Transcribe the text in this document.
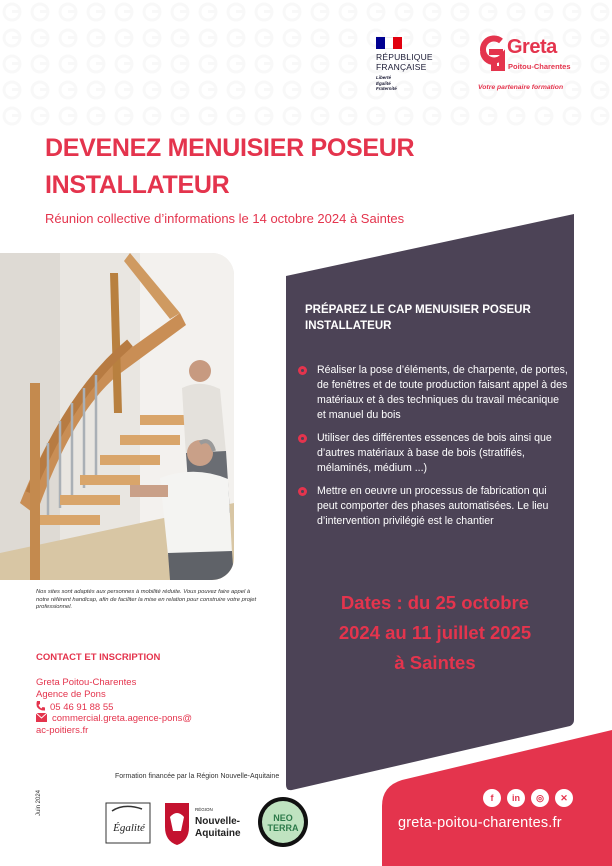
RÉPUBLIQUE
FRANÇAISE
Liberté
Égalité
Fraternité
Greta
Poitou-Charentes
Votre partenaire formation
DEVENEZ MENUISIER POSEUR
INSTALLATEUR
Réunion collective d’informations le 14 octobre 2024 à Saintes
Nos sites sont adaptés aux personnes à mobilité réduite. Vous pouvez faire appel à notre référent handicap, afin de faciliter la mise en relation pour construire votre projet professionnel.
PRÉPAREZ LE CAP MENUISIER POSEUR INSTALLATEUR
Réaliser la pose d’éléments, de charpente, de portes, de fenêtres et de toute production faisant appel à des matériaux et à des techniques du travail mécanique et manuel du bois
Utiliser des différentes essences de bois ainsi que d’autres matériaux à base de bois (stratifiés, mélaminés, médium ...)
Mettre en oeuvre un processus de fabrication qui peut comporter des phases automatisées. Le lieu d’intervention privilégié est le chantier
Dates : du 25 octobre
2024 au 11 juillet 2025
à Saintes
CONTACT ET INSCRIPTION
Greta Poitou-Charentes
Agence de Pons
05 46 91 88 55
commercial.greta.agence-pons@
ac-poitiers.fr
Formation financée par la Région Nouvelle-Aquitaine
Juin 2024
Égalité
RÉGION
Nouvelle-
Aquitaine
NEO
TERRA
f	in	◎	✕
greta-poitou-charentes.fr
